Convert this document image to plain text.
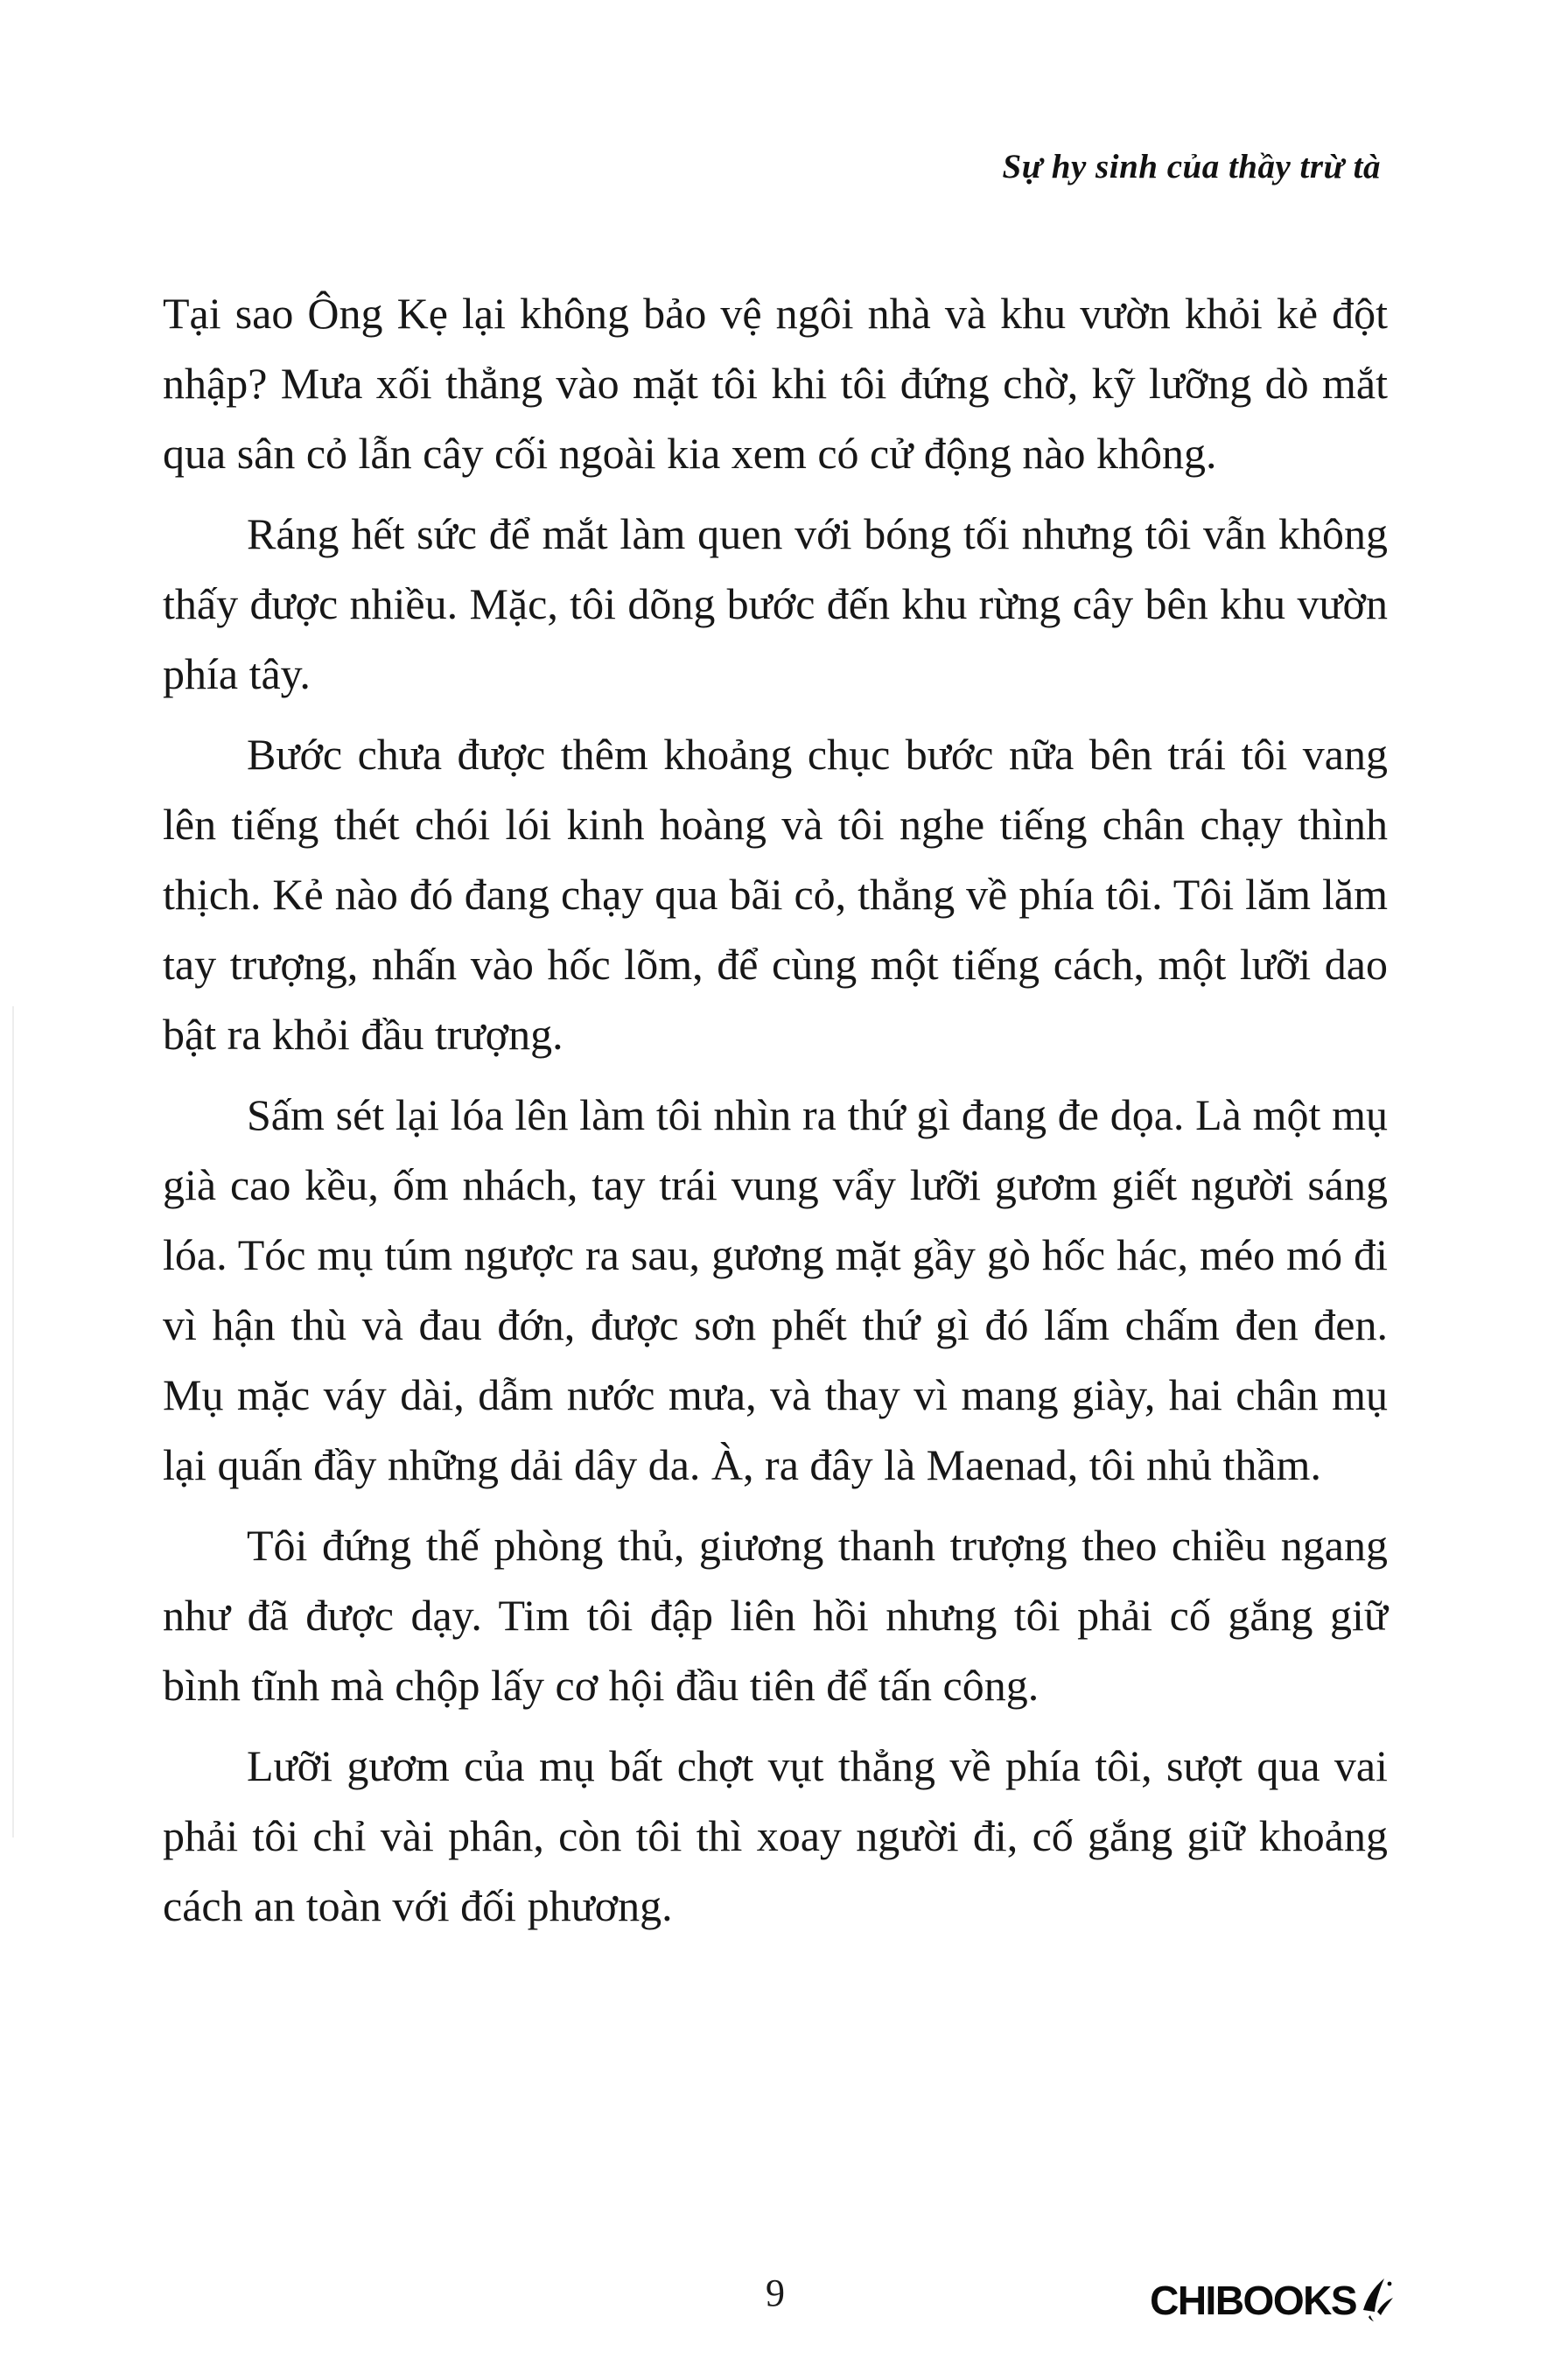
Sự hy sinh của thầy trừ tà

Tại sao Ông Kẹ lại không bảo vệ ngôi nhà và khu vườn khỏi kẻ đột nhập? Mưa xối thẳng vào mặt tôi khi tôi đứng chờ, kỹ lưỡng dò mắt qua sân cỏ lẫn cây cối ngoài kia xem có cử động nào không.

Ráng hết sức để mắt làm quen với bóng tối nhưng tôi vẫn không thấy được nhiều. Mặc, tôi dõng bước đến khu rừng cây bên khu vườn phía tây.

Bước chưa được thêm khoảng chục bước nữa bên trái tôi vang lên tiếng thét chói lói kinh hoàng và tôi nghe tiếng chân chạy thình thịch. Kẻ nào đó đang chạy qua bãi cỏ, thẳng về phía tôi. Tôi lăm lăm tay trượng, nhấn vào hốc lõm, để cùng một tiếng cách, một lưỡi dao bật ra khỏi đầu trượng.

Sấm sét lại lóa lên làm tôi nhìn ra thứ gì đang đe dọa. Là một mụ già cao kều, ốm nhách, tay trái vung vẩy lưỡi gươm giết người sáng lóa. Tóc mụ túm ngược ra sau, gương mặt gầy gò hốc hác, méo mó đi vì hận thù và đau đớn, được sơn phết thứ gì đó lấm chấm đen đen. Mụ mặc váy dài, dẫm nước mưa, và thay vì mang giày, hai chân mụ lại quấn đầy những dải dây da. À, ra đây là Maenad, tôi nhủ thầm.

Tôi đứng thế phòng thủ, giương thanh trượng theo chiều ngang như đã được dạy. Tim tôi đập liên hồi nhưng tôi phải cố gắng giữ bình tĩnh mà chộp lấy cơ hội đầu tiên để tấn công.

Lưỡi gươm của mụ bất chợt vụt thẳng về phía tôi, sượt qua vai phải tôi chỉ vài phân, còn tôi thì xoay người đi, cố gắng giữ khoảng cách an toàn với đối phương.

9	CHIBOOKS
